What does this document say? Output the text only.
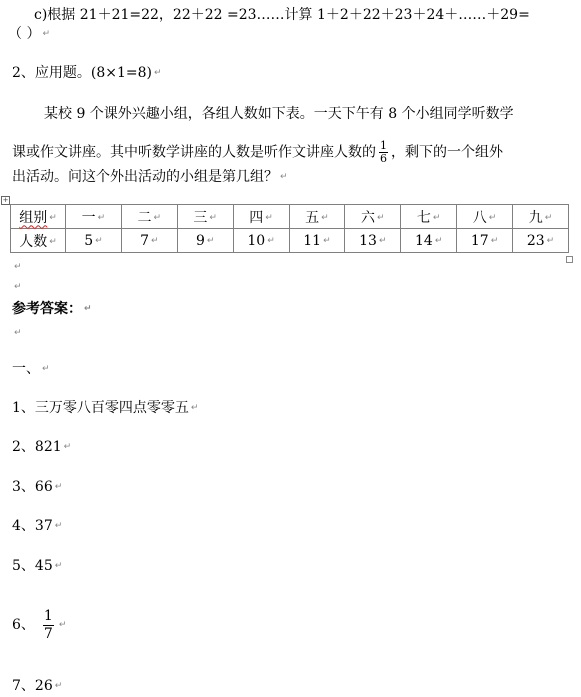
c)根据 21＋21=22，22＋22 =23……计算 1＋2＋22＋23＋24＋……＋29=
（ ） ↵
2、应用题。(8×1=8) ↵
某校 9 个课外兴趣小组，各组人数如下表。一天下午有 8 个小组同学听数学
课或作文讲座。其中听数学讲座的人数是听作文讲座人数的 $\frac{1}{6}$ ，剩下的一个组外
出活动。问这个外出活动的小组是第几组？ ↵
+
组别 ↵	一 ↵	二 ↵	三 ↵	四 ↵	五 ↵	六 ↵	七 ↵	八 ↵	九 ↵
人数 ↵	5 ↵	7 ↵	9 ↵	10 ↵	11 ↵	13 ↵	14 ↵	17 ↵	23 ↵
↵
↵
参考答案： ↵
↵
一、 ↵
1、三万零八百零四点零零五 ↵
2、821 ↵
3、66 ↵
4、37 ↵
5、45 ↵
6、 $\frac{1}{7}$ ↵
7、26 ↵
